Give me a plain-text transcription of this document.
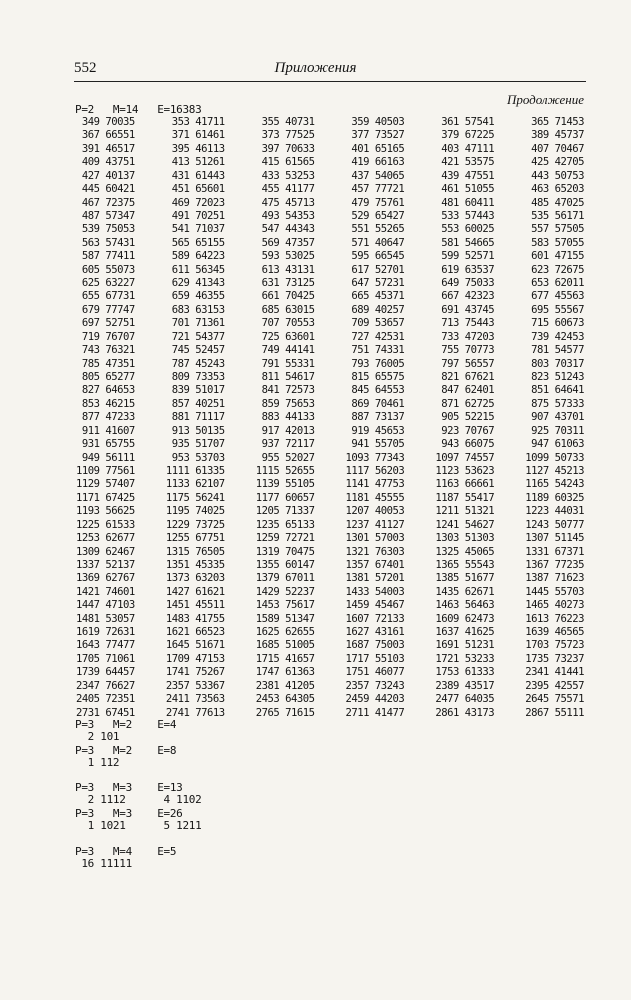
552	Приложения
Продолжение
P=2   M=14   E=16383
349 70035
367 66551
391 46517
409 43751
427 40137
445 60421
467 72375
487 57347
539 75053
563 57431
587 77411
605 55073
625 63227
655 67731
679 77747
697 52751
719 76707
743 76321
785 47351
805 65277
827 64653
853 46215
877 47233
911 41607
931 65755
949 56111
1109 77561
1129 57407
1171 67425
1193 56625
1225 61533
1253 62677
1309 62467
1337 52137
1369 62767
1421 74601
1447 47103
1481 53057
1619 72631
1643 77477
1705 71061
1739 64457
2347 76627
2405 72351
2731 67451
353 41711
371 61461
395 46113
413 51261
431 61443
451 65601
469 72023
491 70251
541 71037
565 65155
589 64223
611 56345
629 41343
659 46355
683 63153
701 71361
721 54377
745 52457
787 45243
809 73353
839 51017
857 40251
881 71117
913 50135
935 51707
953 53703
1111 61335
1133 62107
1175 56241
1195 74025
1229 73725
1255 67751
1315 76505
1351 45335
1373 63203
1427 61621
1451 45511
1483 41755
1621 66523
1645 51671
1709 47153
1741 75267
2357 53367
2411 73563
2741 77613
355 40731
373 77525
397 70633
415 61565
433 53253
455 41177
475 45713
493 54353
547 44343
569 47357
593 53025
613 43131
631 73125
661 70425
685 63015
707 70553
725 63601
749 44141
791 55331
811 54617
841 72573
859 75653
883 44133
917 42013
937 72117
955 52027
1115 52655
1139 55105
1177 60657
1205 71337
1235 65133
1259 72721
1319 70475
1355 60147
1379 67011
1429 52237
1453 75617
1589 51347
1625 62655
1685 51005
1715 41657
1747 61363
2381 41205
2453 64305
2765 71615
359 40503
377 73527
401 65165
419 66163
437 54065
457 77721
479 75761
529 65427
551 55265
571 40647
595 66545
617 52701
647 57231
665 45371
689 40257
709 53657
727 42531
751 74331
793 76005
815 65575
845 64553
869 70461
887 73137
919 45653
941 55705
1093 77343
1117 56203
1141 47753
1181 45555
1207 40053
1237 41127
1301 57003
1321 76303
1357 67401
1381 57201
1433 54003
1459 45467
1607 72133
1627 43161
1687 75003
1717 55103
1751 46077
2357 73243
2459 44203
2711 41477
361 57541
379 67225
403 47111
421 53575
439 47551
461 51055
481 60411
533 57443
553 60025
581 54665
599 52571
619 63537
649 75033
667 42323
691 43745
713 75443
733 47203
755 70773
797 56557
821 67621
847 62401
871 62725
905 52215
923 70767
943 66075
1097 74557
1123 53623
1163 66661
1187 55417
1211 51321
1241 54627
1303 51303
1325 45065
1365 55543
1385 51677
1435 62671
1463 56463
1609 62473
1637 41625
1691 51231
1721 53233
1753 61333
2389 43517
2477 64035
2861 43173
365 71453
389 45737
407 70467
425 42705
443 50753
463 65203
485 47025
535 56171
557 57505
583 57055
601 47155
623 72675
653 62011
677 45563
695 55567
715 60673
739 42453
781 54577
803 70317
823 51243
851 64641
875 57333
907 43701
925 70311
947 61063
1099 50733
1127 45213
1165 54243
1189 60325
1223 44031
1243 50777
1307 51145
1331 67371
1367 77235
1387 71623
1445 55703
1465 40273
1613 76223
1639 46565
1703 75723
1735 73237
2341 41441
2395 42557
2645 75571
2867 55111
P=3   M=2    E=4
2 101
P=3   M=2    E=8
1 112
P=3   M=3    E=13
2 1112      4 1102
P=3   M=3    E=26
1 1021      5 1211
P=3   M=4    E=5
16 11111
